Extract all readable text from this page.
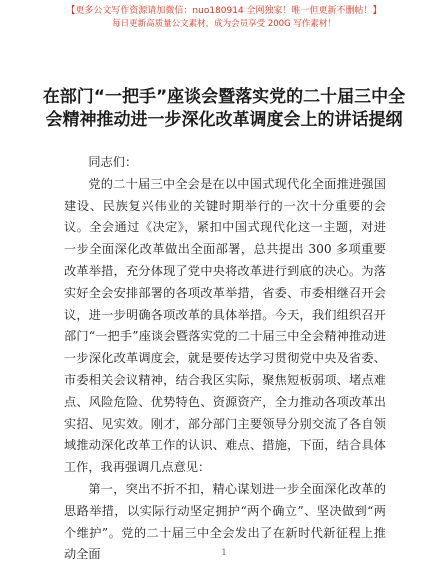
【更多公文写作资源请加微信：nuo180914 全网独家！唯一但更新不删帖！】
每日更新高质量公文素材，成为会员享受 200G 写作素材！
在部门“一把手”座谈会暨落实党的二十届三中全会精神推动进一步深化改革调度会上的讲话提纲

同志们：

党的二十届三中全会是在以中国式现代化全面推进强国建设、民族复兴伟业的关键时期举行的一次十分重要的会议。全会通过《决定》，紧扣中国式现代化这一主题，对进一步全面深化改革做出全面部署，总共提出 300 多项重要改革举措，充分体现了党中央将改革进行到底的决心。为落实好全会安排部署的各项改革举措，省委、市委相继召开会议，进一步明确各项改革的具体举措。今天，我们组织召开部门“一把手”座谈会暨落实党的二十届三中全会精神推动进一步深化改革调度会，就是要传达学习贯彻党中央及省委、市委相关会议精神，结合我区实际，聚焦短板弱项、堵点难点、风险危险、优势特色、资源资产，全力推动各项改革出实招、见实效。刚才，部分部门主要领导分别交流了各自领域推动深化改革工作的认识、难点、措施，下面，结合具体工作，我再强调几点意见：

第一，突出不折不扣，精心谋划进一步全面深化改革的思路举措，以实际行动坚定拥护“两个确立”、坚决做到“两个维护”。党的二十届三中全会发出了在新时代新征程上推动全面	1
